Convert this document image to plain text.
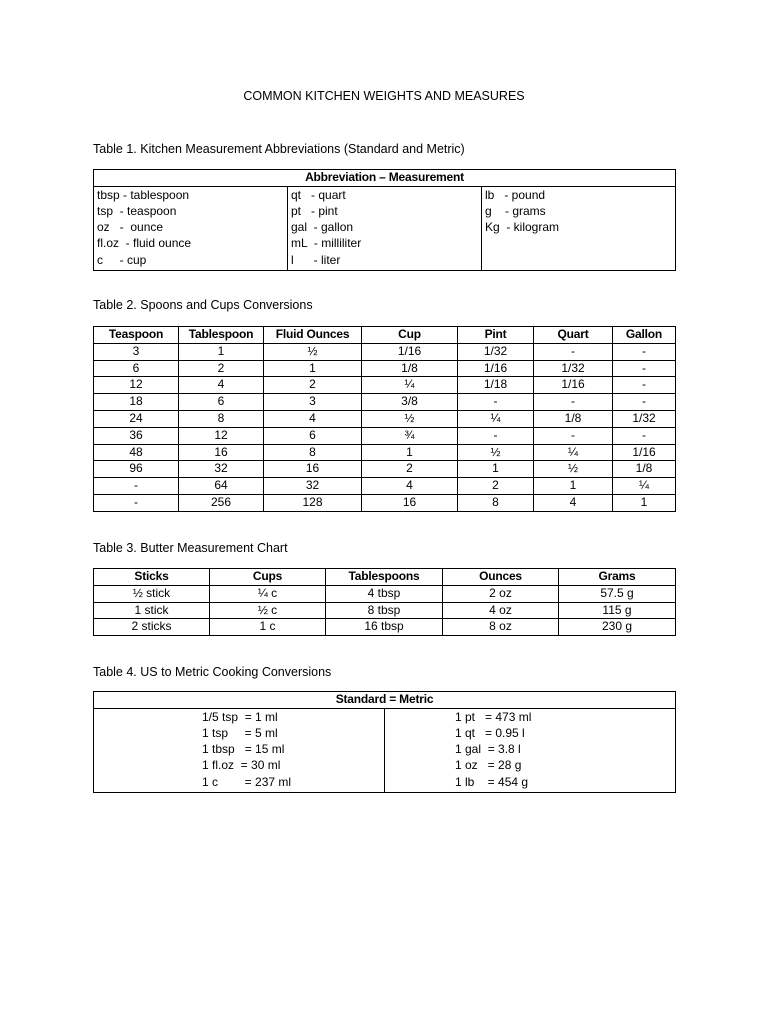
COMMON KITCHEN WEIGHTS AND MEASURES
Table 1. Kitchen Measurement Abbreviations (Standard and Metric)
Abbreviation – Measurement

tbsp - tablespoon
tsp  - teaspoon
oz   -  ounce
fl.oz  - fluid ounce
c     - cup

qt   - quart
pt   - pint
gal  - gallon
mL  - milliliter
l      - liter

lb   - pound
g    - grams
Kg  - kilogram
Table 2. Spoons and Cups Conversions
Teaspoon	Tablespoon	Fluid Ounces	Cup	Pint	Quart	Gallon
3	1	½	1/16	1/32	-	-
6	2	1	1/8	1/16	1/32	-
12	4	2	¼	1/18	1/16	-
18	6	3	3/8	-	-	-
24	8	4	½	¼	1/8	1/32
36	12	6	¾	-	-	-
48	16	8	1	½	¼	1/16
96	32	16	2	1	½	1/8
-	64	32	4	2	1	¼
-	256	128	16	8	4	1
Table 3. Butter Measurement Chart
Sticks	Cups	Tablespoons	Ounces	Grams
½ stick	¼ c	4 tbsp	2 oz	57.5 g
1 stick	½ c	8 tbsp	4 oz	115 g
2 sticks	1 c	16 tbsp	8 oz	230 g
Table 4. US to Metric Cooking Conversions
Standard = Metric

1/5 tsp  = 1 ml
1 tsp     = 5 ml
1 tbsp   = 15 ml
1 fl.oz  = 30 ml
1 c        = 237 ml

1 pt   = 473 ml
1 qt   = 0.95 l
1 gal  = 3.8 l
1 oz   = 28 g
1 lb    = 454 g
